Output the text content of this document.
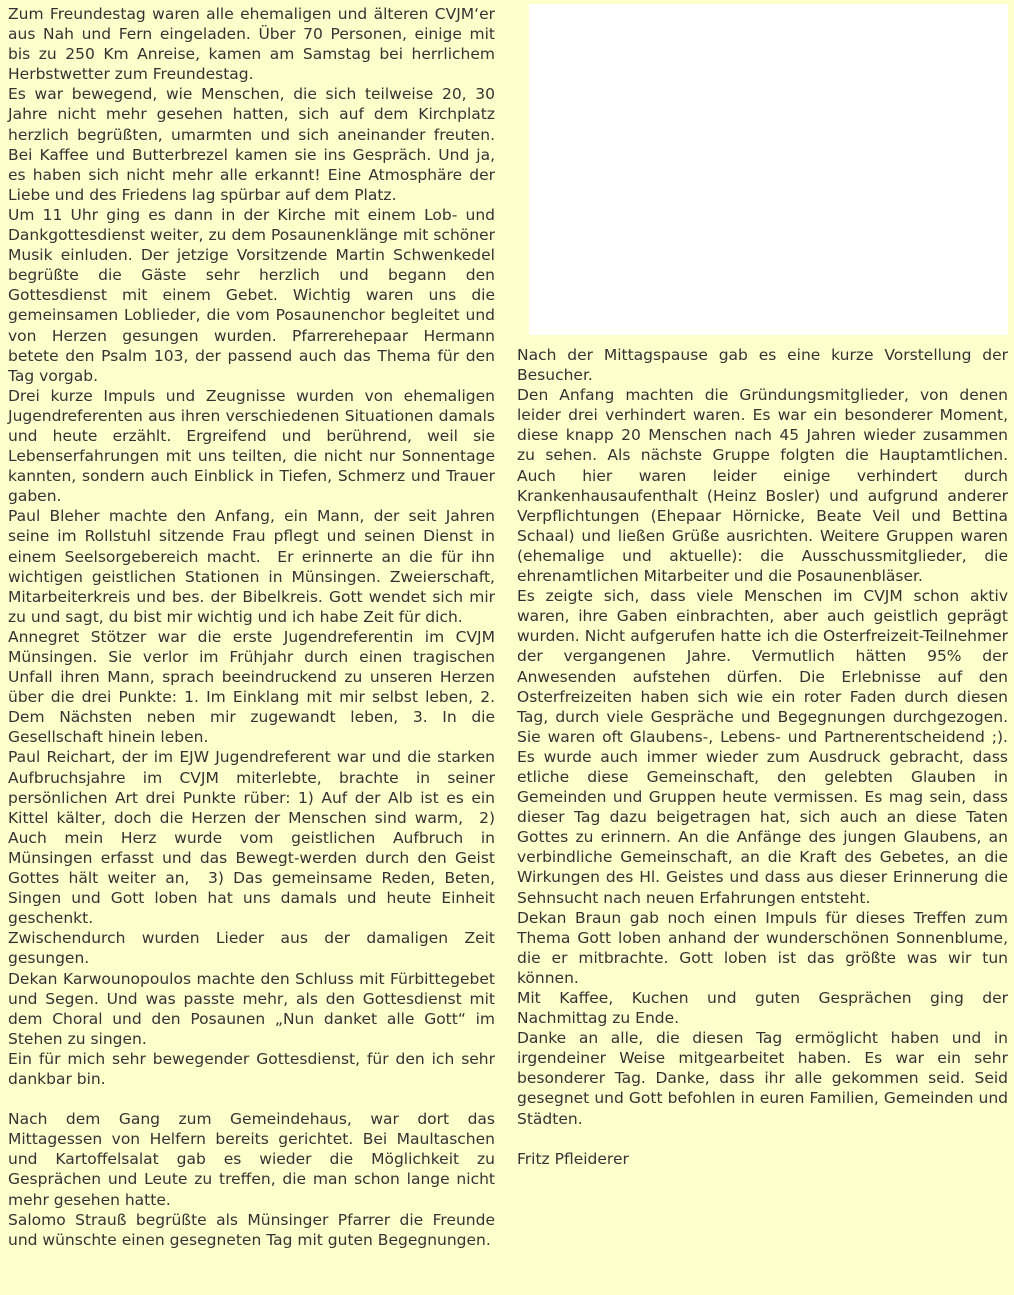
Zum Freundestag waren alle ehemaligen und älteren CVJM‘er aus Nah und Fern eingeladen. Über 70 Personen, einige mit bis zu 250 Km Anreise, kamen am Samstag bei herrlichem Herbstwetter zum Freundestag.

Es war bewegend, wie Menschen, die sich teilweise 20, 30 Jahre nicht mehr gesehen hatten, sich auf dem Kirchplatz herzlich begrüßten, umarmten und sich aneinander freuten. Bei Kaffee und Butterbrezel kamen sie ins Gespräch. Und ja, es haben sich nicht mehr alle erkannt! Eine Atmosphäre der Liebe und des Friedens lag spürbar auf dem Platz.

Um 11 Uhr ging es dann in der Kirche mit einem Lob- und Dankgottesdienst weiter, zu dem Posaunenklänge mit schöner Musik einluden. Der jetzige Vorsitzende Martin Schwenkedel begrüßte die Gäste sehr herzlich und begann den Gottesdienst mit einem Gebet. Wichtig waren uns die gemeinsamen Loblieder, die vom Posaunenchor begleitet und von Herzen gesungen wurden. Pfarrerehepaar Hermann betete den Psalm 103, der passend auch das Thema für den Tag vorgab.

Drei kurze Impuls und Zeugnisse wurden von ehemaligen Jugendreferenten aus ihren verschiedenen Situationen damals und heute erzählt. Ergreifend und berührend, weil sie Lebenserfahrungen mit uns teilten, die nicht nur Sonnentage kannten, sondern auch Einblick in Tiefen, Schmerz und Trauer gaben.

Paul Bleher machte den Anfang, ein Mann, der seit Jahren seine im Rollstuhl sitzende Frau pflegt und seinen Dienst in einem Seelsorgebereich macht.  Er erinnerte an die für ihn wichtigen geistlichen Stationen in Münsingen. Zweierschaft, Mitarbeiterkreis und bes. der Bibelkreis. Gott wendet sich mir zu und sagt, du bist mir wichtig und ich habe Zeit für dich.

Annegret Stötzer war die erste Jugendreferentin im CVJM Münsingen. Sie verlor im Frühjahr durch einen tragischen Unfall ihren Mann, sprach beeindruckend zu unseren Herzen über die drei Punkte: 1. Im Einklang mit mir selbst leben, 2. Dem Nächsten neben mir zugewandt leben, 3. In die Gesellschaft hinein leben.

Paul Reichart, der im EJW Jugendreferent war und die starken Aufbruchsjahre im CVJM miterlebte, brachte in seiner persönlichen Art drei Punkte rüber: 1) Auf der Alb ist es ein Kittel kälter, doch die Herzen der Menschen sind warm,  2) Auch mein Herz wurde vom geistlichen Aufbruch in Münsingen erfasst und das Bewegt-werden durch den Geist Gottes hält weiter an,  3) Das gemeinsame Reden, Beten, Singen und Gott loben hat uns damals und heute Einheit geschenkt.

Zwischendurch wurden Lieder aus der damaligen Zeit gesungen.

Dekan Karwounopoulos machte den Schluss mit Fürbittegebet und Segen. Und was passte mehr, als den Gottesdienst mit dem Choral und den Posaunen „Nun danket alle Gott“ im Stehen zu singen.

Ein für mich sehr bewegender Gottesdienst, für den ich sehr dankbar bin.

Nach dem Gang zum Gemeindehaus, war dort das Mittagessen von Helfern bereits gerichtet. Bei Maultaschen und Kartoffelsalat gab es wieder die Möglichkeit zu Gesprächen und Leute zu treffen, die man schon lange nicht mehr gesehen hatte.

Salomo Strauß begrüßte als Münsinger Pfarrer die Freunde und wünschte einen gesegneten Tag mit guten Begegnungen.

Nach der Mittagspause gab es eine kurze Vorstellung der Besucher.

Den Anfang machten die Gründungsmitglieder, von denen leider drei verhindert waren. Es war ein besonderer Moment, diese knapp 20 Menschen nach 45 Jahren wieder zusammen zu sehen. Als nächste Gruppe folgten die Hauptamtlichen. Auch hier waren leider einige verhindert durch Krankenhausaufenthalt (Heinz Bosler) und aufgrund anderer Verpflichtungen (Ehepaar Hörnicke, Beate Veil und Bettina Schaal) und ließen Grüße ausrichten. Weitere Gruppen waren (ehemalige und aktuelle): die Ausschussmitglieder, die ehrenamtlichen Mitarbeiter und die Posaunenbläser.

Es zeigte sich, dass viele Menschen im CVJM schon aktiv waren, ihre Gaben einbrachten, aber auch geistlich geprägt wurden. Nicht aufgerufen hatte ich die Osterfreizeit-Teilnehmer der vergangenen Jahre. Vermutlich hätten 95% der Anwesenden aufstehen dürfen. Die Erlebnisse auf den Osterfreizeiten haben sich wie ein roter Faden durch diesen Tag, durch viele Gespräche und Begegnungen durchgezogen. Sie waren oft Glaubens-, Lebens- und Partnerentscheidend ;). Es wurde auch immer wieder zum Ausdruck gebracht, dass etliche diese Gemeinschaft, den gelebten Glauben in Gemeinden und Gruppen heute vermissen. Es mag sein, dass dieser Tag dazu beigetragen hat, sich auch an diese Taten Gottes zu erinnern. An die Anfänge des jungen Glaubens, an verbindliche Gemeinschaft, an die Kraft des Gebetes, an die Wirkungen des Hl. Geistes und dass aus dieser Erinnerung die Sehnsucht nach neuen Erfahrungen entsteht.

Dekan Braun gab noch einen Impuls für dieses Treffen zum Thema Gott loben anhand der wunderschönen Sonnenblume, die er mitbrachte. Gott loben ist das größte was wir tun können.

Mit Kaffee, Kuchen und guten Gesprächen ging der Nachmittag zu Ende.

Danke an alle, die diesen Tag ermöglicht haben und in irgendeiner Weise mitgearbeitet haben. Es war ein sehr besonderer Tag. Danke, dass ihr alle gekommen seid. Seid gesegnet und Gott befohlen in euren Familien, Gemeinden und Städten.

Fritz Pfleiderer
